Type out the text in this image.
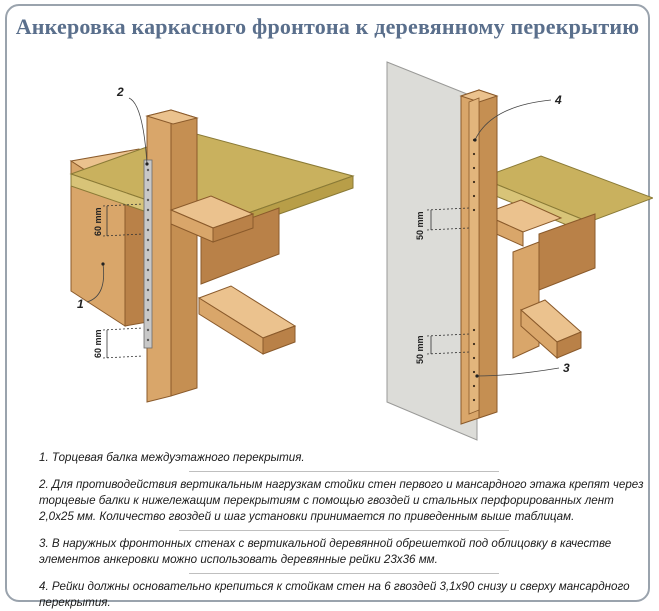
Анкеровка каркасного фронтона к деревянному перекрытию
60 mm
60 mm
2
1
50 mm
50 mm
4
3

1. Торцевая балка междуэтажного перекрытия.

2. Для противодействия вертикальным нагрузкам стойки стен первого и мансардного этажа крепят через торцевые балки к нижележащим перекрытиям с помощью гвоздей и стальных перфорированных лент 2,0х25 мм. Количество гвоздей и шаг установки принимается по приведенным выше таблицам.

3. В наружных фронтонных стенах с вертикальной деревянной обрешеткой под облицовку в качестве элементов анкеровки можно использовать деревянные рейки 23х36 мм.

4. Рейки должны основательно крепиться к стойкам стен на 6 гвоздей 3,1х90 снизу и сверху мансардного перекрытия.
